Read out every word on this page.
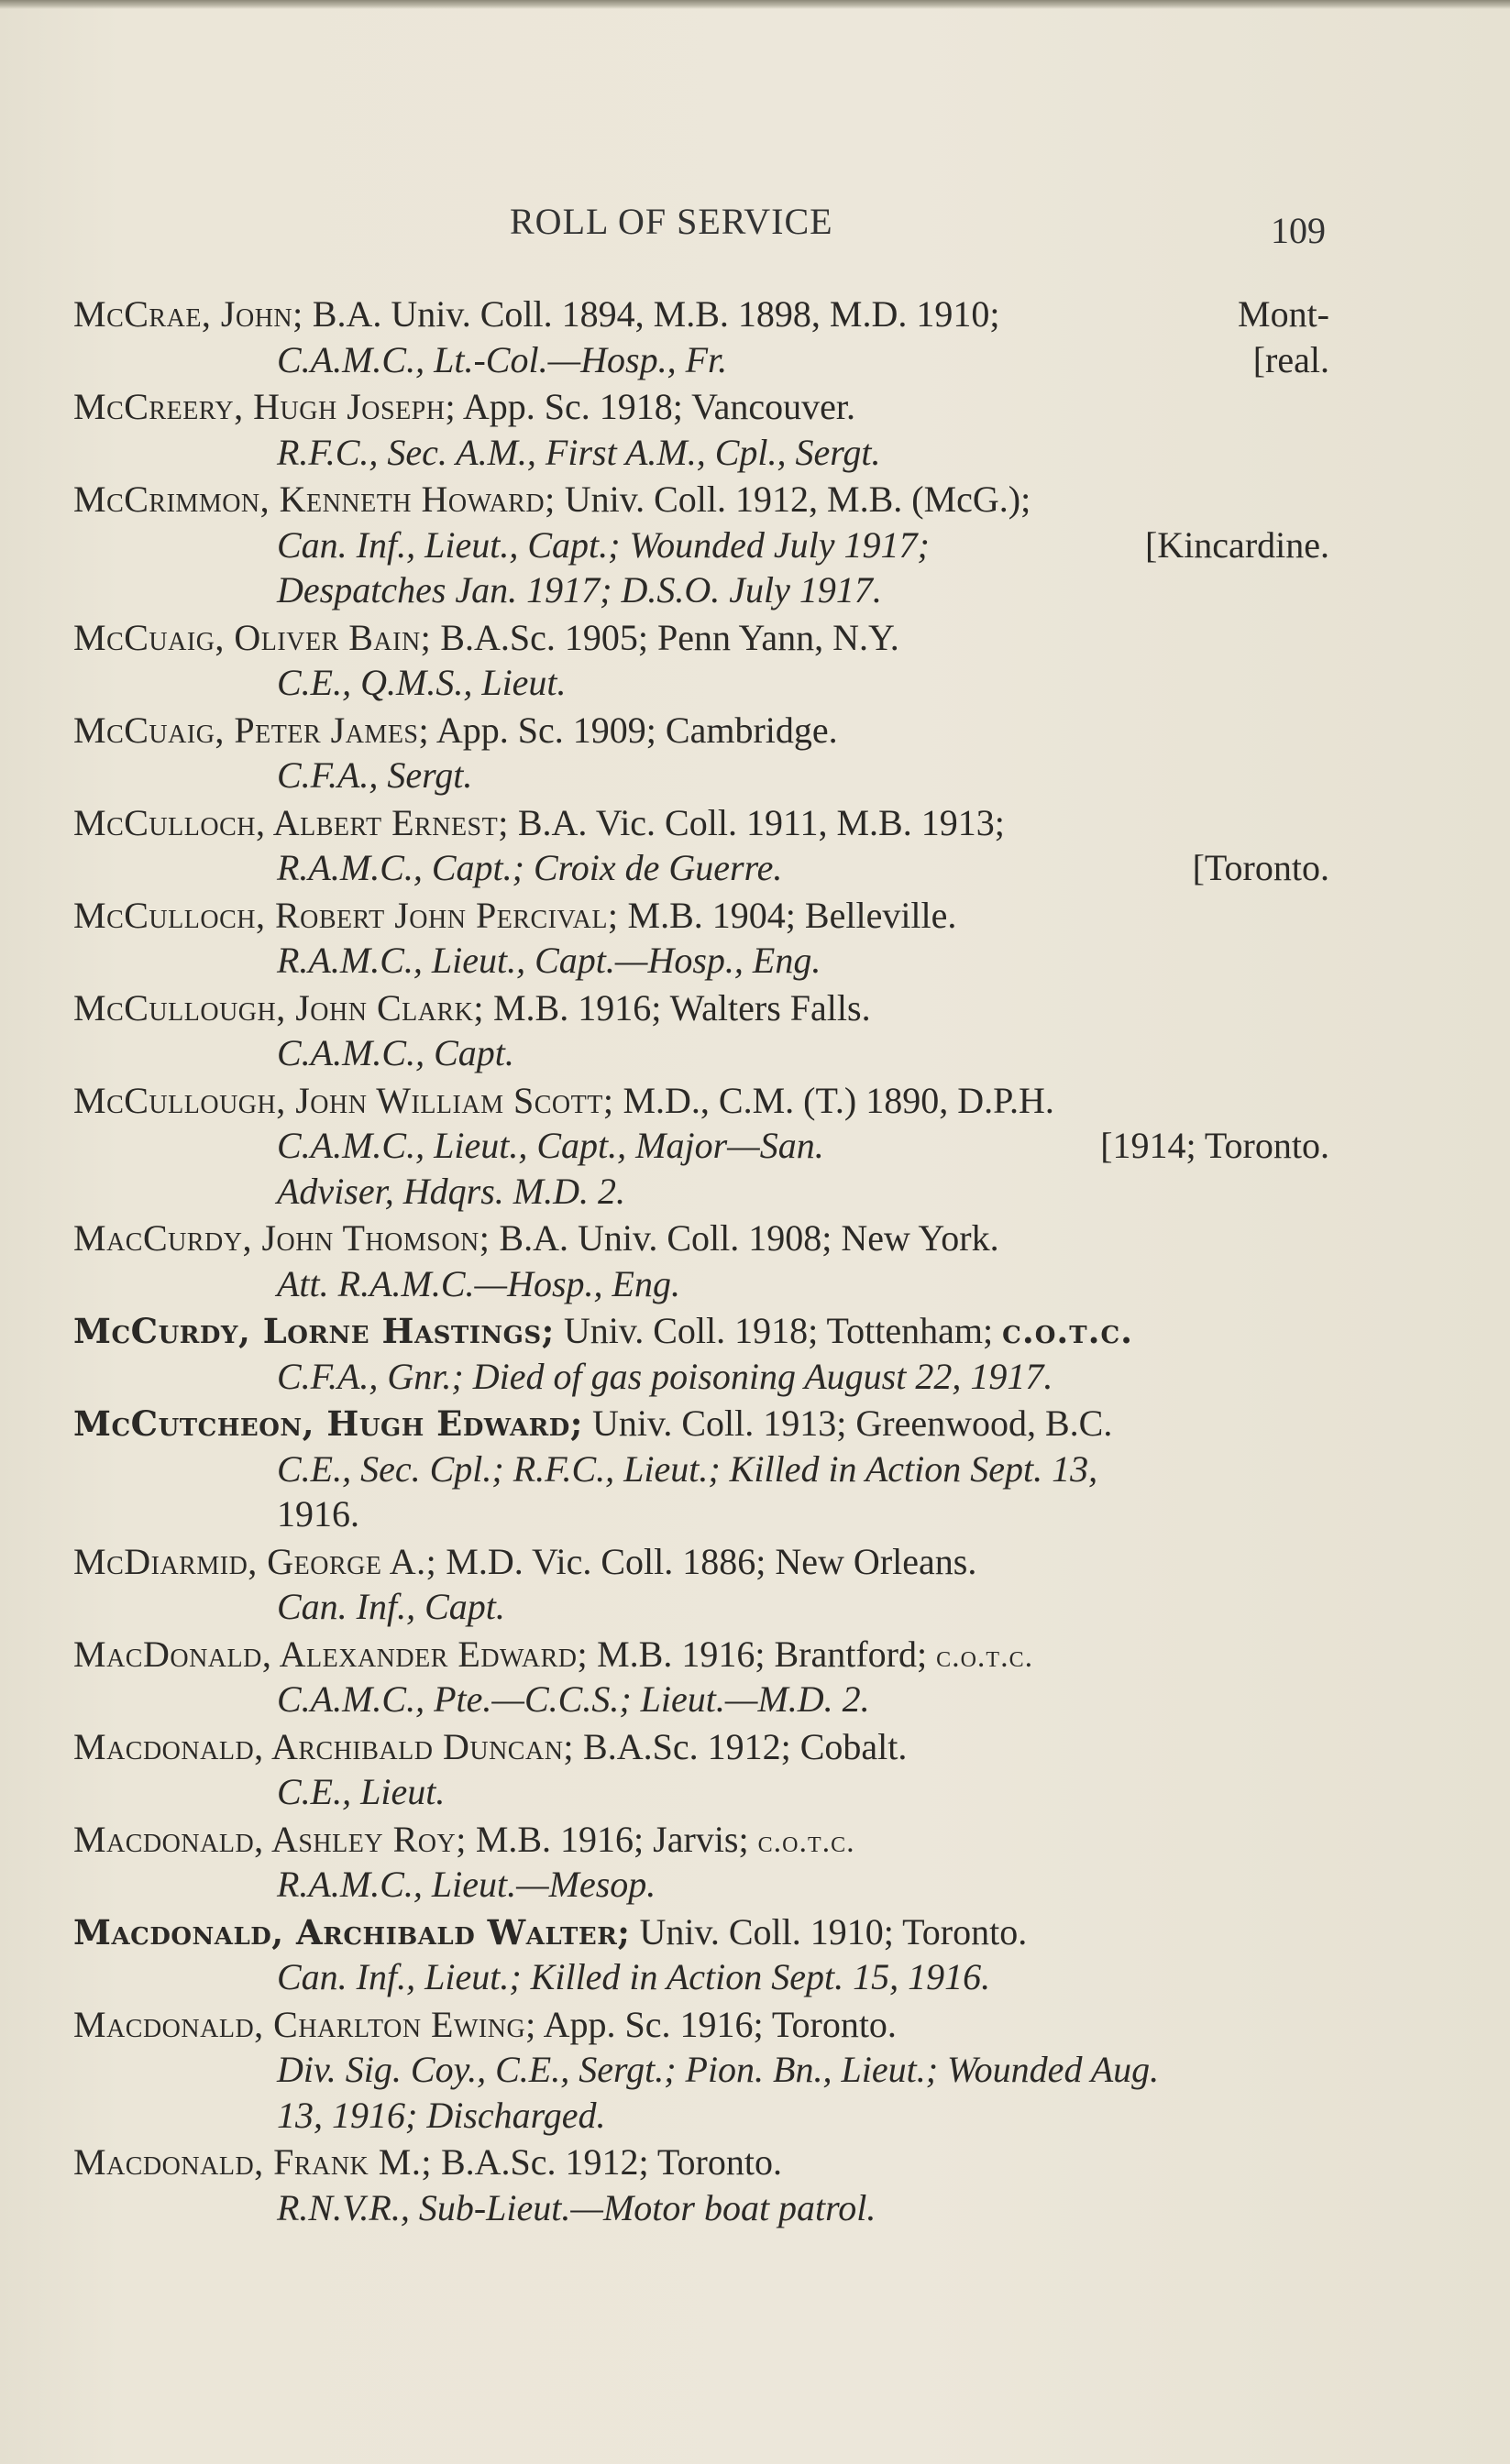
ROLL OF SERVICE	109
McCrae, John; B.A. Univ. Coll. 1894, M.B. 1898, M.D. 1910;	Mont-
C.A.M.C., Lt.-Col.—Hosp., Fr.	[real.
McCreery, Hugh Joseph; App. Sc. 1918; Vancouver.
R.F.C., Sec. A.M., First A.M., Cpl., Sergt.
McCrimmon, Kenneth Howard; Univ. Coll. 1912, M.B. (McG.);
Can. Inf., Lieut., Capt.; Wounded July 1917;	[Kincardine.
Despatches Jan. 1917; D.S.O. July 1917.
McCuaig, Oliver Bain; B.A.Sc. 1905; Penn Yann, N.Y.
C.E., Q.M.S., Lieut.
McCuaig, Peter James; App. Sc. 1909; Cambridge.
C.F.A., Sergt.
McCulloch, Albert Ernest; B.A. Vic. Coll. 1911, M.B. 1913;
R.A.M.C., Capt.; Croix de Guerre.	[Toronto.
McCulloch, Robert John Percival; M.B. 1904; Belleville.
R.A.M.C., Lieut., Capt.—Hosp., Eng.
McCullough, John Clark; M.B. 1916; Walters Falls.
C.A.M.C., Capt.
McCullough, John William Scott; M.D., C.M. (T.) 1890, D.P.H.
C.A.M.C., Lieut., Capt., Major—San.	[1914; Toronto.
Adviser, Hdqrs. M.D. 2.
MacCurdy, John Thomson; B.A. Univ. Coll. 1908; New York.
Att. R.A.M.C.—Hosp., Eng.
McCurdy, Lorne Hastings; Univ. Coll. 1918; Tottenham; c.o.t.c.
C.F.A., Gnr.; Died of gas poisoning August 22, 1917.
McCutcheon, Hugh Edward; Univ. Coll. 1913; Greenwood, B.C.
C.E., Sec. Cpl.; R.F.C., Lieut.; Killed in Action Sept. 13,
1916.
McDiarmid, George A.; M.D. Vic. Coll. 1886; New Orleans.
Can. Inf., Capt.
MacDonald, Alexander Edward; M.B. 1916; Brantford; c.o.t.c.
C.A.M.C., Pte.—C.C.S.; Lieut.—M.D. 2.
Macdonald, Archibald Duncan; B.A.Sc. 1912; Cobalt.
C.E., Lieut.
Macdonald, Ashley Roy; M.B. 1916; Jarvis; c.o.t.c.
R.A.M.C., Lieut.—Mesop.
Macdonald, Archibald Walter; Univ. Coll. 1910; Toronto.
Can. Inf., Lieut.; Killed in Action Sept. 15, 1916.
Macdonald, Charlton Ewing; App. Sc. 1916; Toronto.
Div. Sig. Coy., C.E., Sergt.; Pion. Bn., Lieut.; Wounded Aug.
13, 1916; Discharged.
Macdonald, Frank M.; B.A.Sc. 1912; Toronto.
R.N.V.R., Sub-Lieut.—Motor boat patrol.
